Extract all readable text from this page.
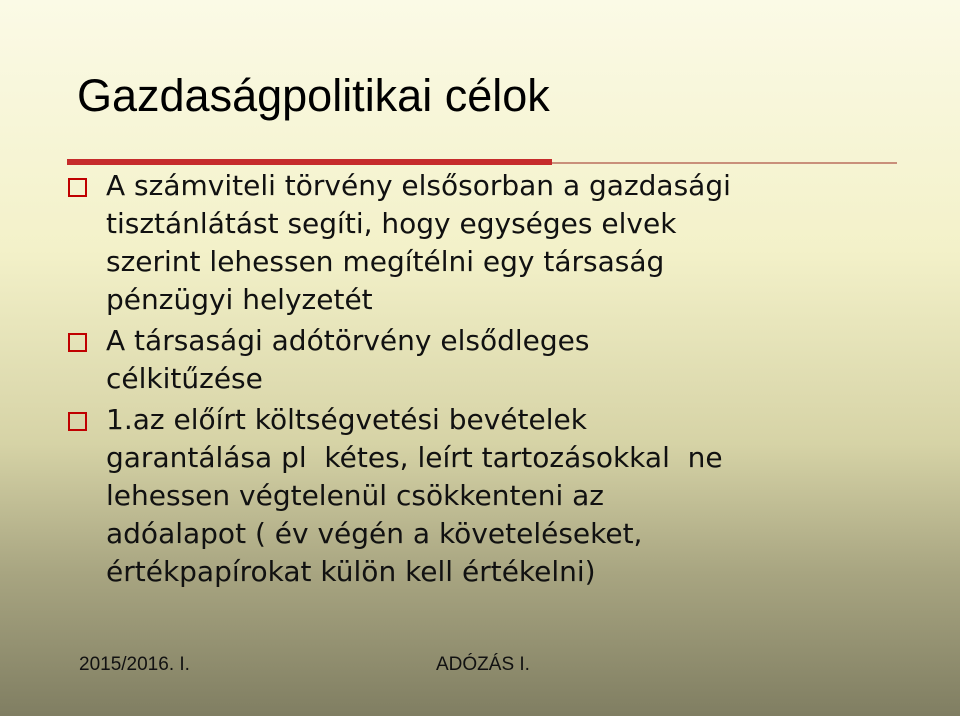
Gazdaságpolitikai célok
A számviteli törvény elsősorban a gazdasági
tisztánlátást segíti, hogy egységes elvek
szerint lehessen megítélni egy társaság
pénzügyi helyzetét
A társasági adótörvény elsődleges
célkitűzése
1.az előírt költségvetési bevételek
garantálása pl  kétes, leírt tartozásokkal  ne
lehessen végtelenül csökkenteni az
adóalapot ( év végén a követeléseket,
értékpapírokat külön kell értékelni)
2015/2016. I.	ADÓZÁS I.
